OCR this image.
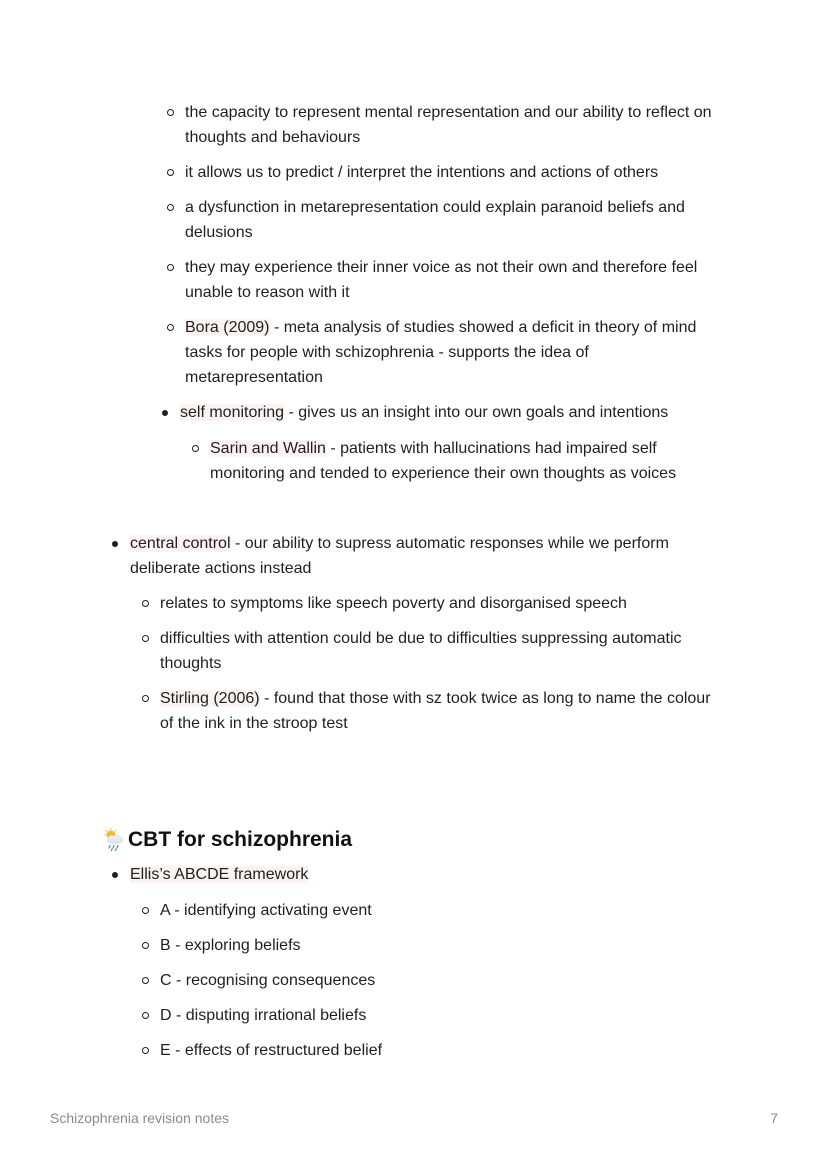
the capacity to represent mental representation and our ability to reflect on thoughts and behaviours
it allows us to predict / interpret the intentions and actions of others
a dysfunction in metarepresentation could explain paranoid beliefs and delusions
they may experience their inner voice as not their own and therefore feel unable to reason with it
Bora (2009) - meta analysis of studies showed a deficit in theory of mind tasks for people with schizophrenia - supports the idea of metarepresentation
self monitoring - gives us an insight into our own goals and intentions
Sarin and Wallin - patients with hallucinations had impaired self monitoring and tended to experience their own thoughts as voices
central control - our ability to supress automatic responses while we perform deliberate actions instead
relates to symptoms like speech poverty and disorganised speech
difficulties with attention could be due to difficulties suppressing automatic thoughts
Stirling (2006) - found that those with sz took twice as long to name the colour of the ink in the stroop test
CBT for schizophrenia
Ellis’s ABCDE framework
A - identifying activating event
B - exploring beliefs
C - recognising consequences
D - disputing irrational beliefs
E - effects of restructured belief
Schizophrenia revision notes	7
